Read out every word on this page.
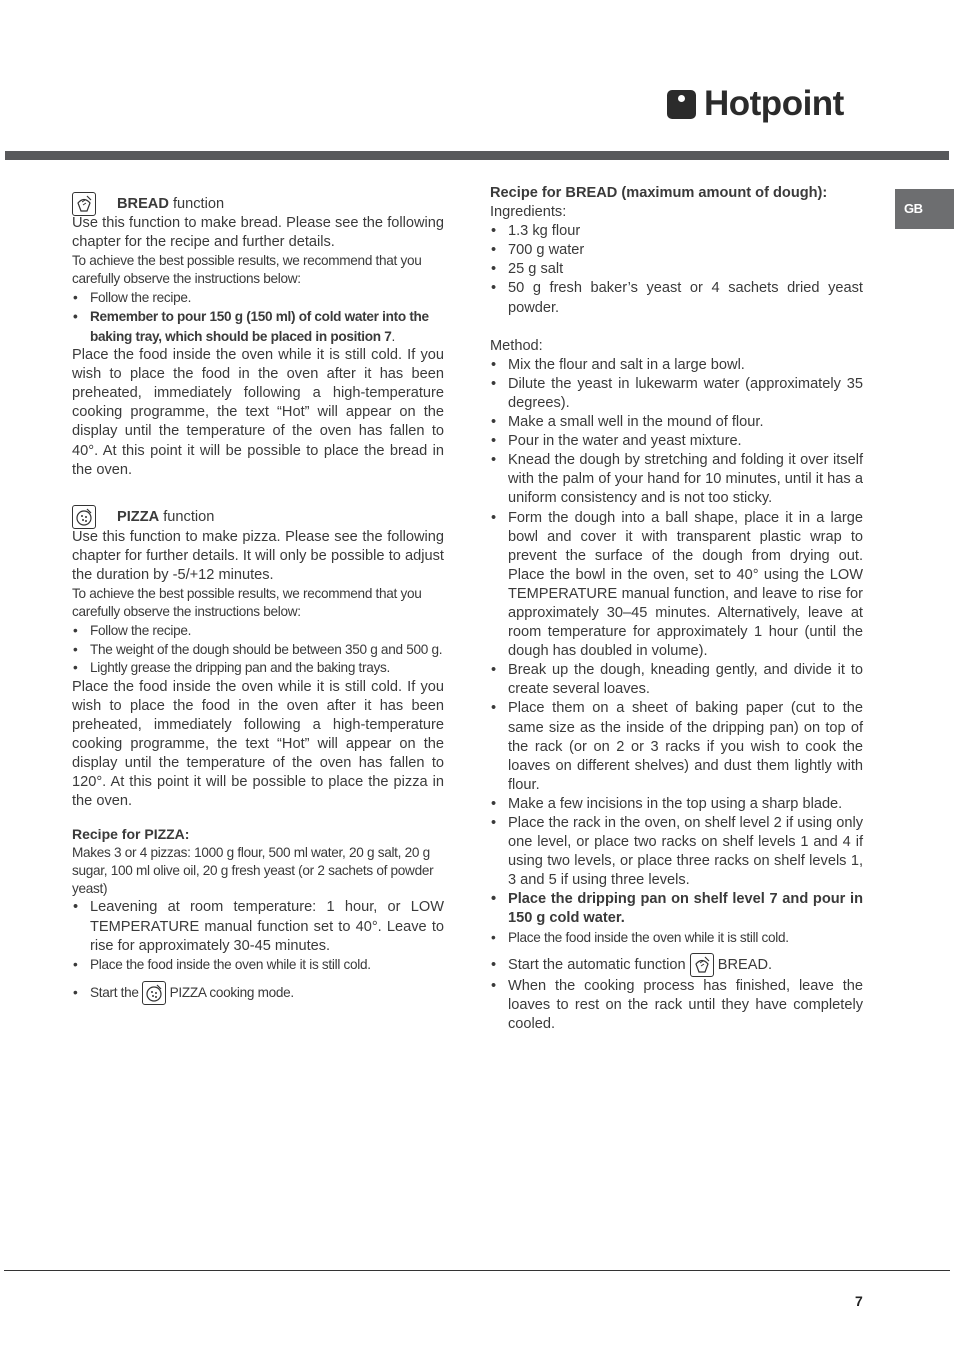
Hotpoint
GB
BREAD
function

Use this function to make bread. Please see the following chapter for the recipe and further details.

To achieve the best possible results, we recommend that you carefully observe the instructions below:

• Follow the recipe.
• Remember to pour 150 g (150 ml) of cold water into the baking tray, which should be placed in position 7.

Place the food inside the oven while it is still cold. If you wish to place the food in the oven after it has been preheated, immediately following a high-temperature cooking programme, the text “Hot” will appear on the display until the temperature of the oven has fallen to 40°. At this point it will be possible to place the bread in the oven.

PIZZA
function

Use this function to make pizza. Please see the following chapter for further details. It will only be possible to adjust the duration by -5/+12 minutes.

To achieve the best possible results, we recommend that you carefully observe the instructions below:

• Follow the recipe.
• The weight of the dough should be between 350 g and 500 g.
• Lightly grease the dripping pan and the baking trays.

Place the food inside the oven while it is still cold. If you wish to place the food in the oven after it has been preheated, immediately following a high-temperature cooking programme, the text “Hot” will appear on the display until the temperature of the oven has fallen to 120°. At this point it will be possible to place the pizza in the oven.

Recipe for PIZZA:

Makes 3 or 4 pizzas: 1000 g flour, 500 ml water, 20 g salt, 20 g sugar, 100 ml olive oil, 20 g fresh yeast (or 2 sachets of powder yeast)

• Leavening at room temperature: 1 hour, or LOW TEMPERATURE manual function set to 40°. Leave to rise for approximately 30-45 minutes.
• Place the food inside the oven while it is still cold.
• Start the PIZZA cooking mode.

Recipe for BREAD (maximum amount of dough):

Ingredients:

• 1.3 kg flour
• 700 g water
• 25 g salt
• 50 g fresh baker’s yeast or 4 sachets dried yeast powder.

Method:

• Mix the flour and salt in a large bowl.
• Dilute the yeast in lukewarm water (approximately 35 degrees).
• Make a small well in the mound of flour.
• Pour in the water and yeast mixture.
• Knead the dough by stretching and folding it over itself with the palm of your hand for 10 minutes, until it has a uniform consistency and is not too sticky.
• Form the dough into a ball shape, place it in a large bowl and cover it with transparent plastic wrap to prevent the surface of the dough from drying out. Place the bowl in the oven, set to 40° using the LOW TEMPERATURE manual function, and leave to rise for approximately 30–45 minutes. Alternatively, leave at room temperature for approximately 1 hour (until the dough has doubled in volume).
• Break up the dough, kneading gently, and divide it to create several loaves.
• Place them on a sheet of baking paper (cut to the same size as the inside of the dripping pan) on top of the rack (or on 2 or 3 racks if you wish to cook the loaves on different shelves) and dust them lightly with flour.
• Make a few incisions in the top using a sharp blade.
• Place the rack in the oven, on shelf level 2 if using only one level, or place two racks on shelf levels 1 and 4 if using two levels, or place three racks on shelf levels 1, 3 and 5 if using three levels.
• Place the dripping pan on shelf level 7 and pour in 150 g cold water.
• Place the food inside the oven while it is still cold.
• Start the automatic function BREAD.
• When the cooking process has finished, leave the loaves to rest on the rack until they have completely cooled.
7
